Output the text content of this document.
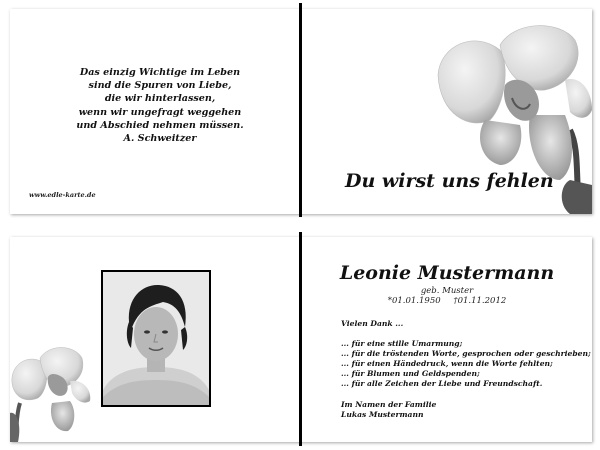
Das einzig Wichtige im Leben
sind die Spuren von Liebe,
die wir hinterlassen,
wenn wir ungefragt weggehen
und Abschied nehmen müssen.
A. Schweitzer
www.edle-karte.de
Du wirst uns fehlen
Leonie Mustermann
geb. Muster
*01.01.1950 †01.11.2012
Vielen Dank ...
... für eine stille Umarmung;
... für die tröstenden Worte, gesprochen oder geschrieben;
... für einen Händedruck, wenn die Worte fehlten;
... für Blumen und Geldspenden;
... für alle Zeichen der Liebe und Freundschaft.
Im Namen der Familie
Lukas Mustermann
